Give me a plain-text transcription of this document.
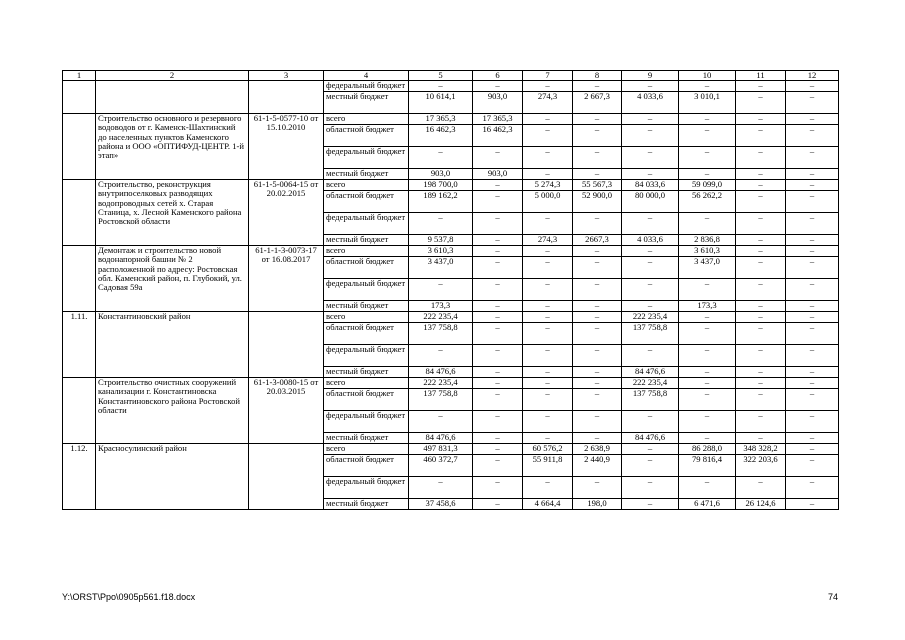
1	2	3	4	5	6	7	8	9	10	11	12
			федеральный бюджет	–	–	–	–	–	–	–	–
			местный бюджет	10 614,1	903,0	274,3	2 667,3	4 033,6	3 010,1	–	–
	Строительство основного и резервного водоводов от г. Каменск-Шахтинский до населенных пунктов Каменского района и ООО «ОПТИФУД-ЦЕНТР. 1-й этап»	61-1-5-0577-10 от 15.10.2010	всего	17 365,3	17 365,3	–	–	–	–	–	–
			областной бюджет	16 462,3	16 462,3	–	–	–	–	–	–
			федеральный бюджет	–	–	–	–	–	–	–	–
			местный бюджет	903,0	903,0	–	–	–	–	–	–
	Строительство, реконструкция внутрипоселковых разводящих водопроводных сетей х. Старая Станица, х. Лесной Каменского района Ростовской области	61-1-5-0064-15 от 20.02.2015	всего	198 700,0	–	5 274,3	55 567,3	84 033,6	59 099,0	–	–
			областной бюджет	189 162,2	–	5 000,0	52 900,0	80 000,0	56 262,2	–	–
			федеральный бюджет	–	–	–	–	–	–	–	–
			местный бюджет	9 537,8	–	274,3	2667,3	4 033,6	2 836,8	–	–
	Демонтаж и строительство новой водонапорной башни № 2 расположенной по адресу: Ростовская обл. Каменский район, п. Глубокий, ул. Садовая 59а	61-1-1-3-0073-17 от 16.08.2017	всего	3 610,3	–	–	–	–	3 610,3	–	–
			областной бюджет	3 437,0	–	–	–	–	3 437,0	–	–
			федеральный бюджет	–	–	–	–	–	–	–	–
			местный бюджет	173,3	–	–	–	–	173,3	–	–
1.11.	Константиновский район		всего	222 235,4	–	–	–	222 235,4	–	–	–
			областной бюджет	137 758,8	–	–	–	137 758,8	–	–	–
			федеральный бюджет	–	–	–	–	–	–	–	–
			местный бюджет	84 476,6	–	–	–	84 476,6	–	–	–
	Строительство очистных сооружений канализации г. Константиновска Константиновского района Ростовской области	61-1-3-0080-15 от 20.03.2015	всего	222 235,4	–	–	–	222 235,4	–	–	–
			областной бюджет	137 758,8	–	–	–	137 758,8	–	–	–
			федеральный бюджет	–	–	–	–	–	–	–	–
			местный бюджет	84 476,6	–	–	–	84 476,6	–	–	–
1.12.	Красносулинский район		всего	497 831,3	–	60 576,2	2 638,9	–	86 288,0	348 328,2	–
			областной бюджет	460 372,7	–	55 911,8	2 440,9	–	79 816,4	322 203,6	–
			федеральный бюджет	–	–	–	–	–	–	–	–
			местный бюджет	37 458,6	–	4 664,4	198,0	–	6 471,6	26 124,6	–
Y:\ORST\Ppo\0905p561.f18.docx	74
